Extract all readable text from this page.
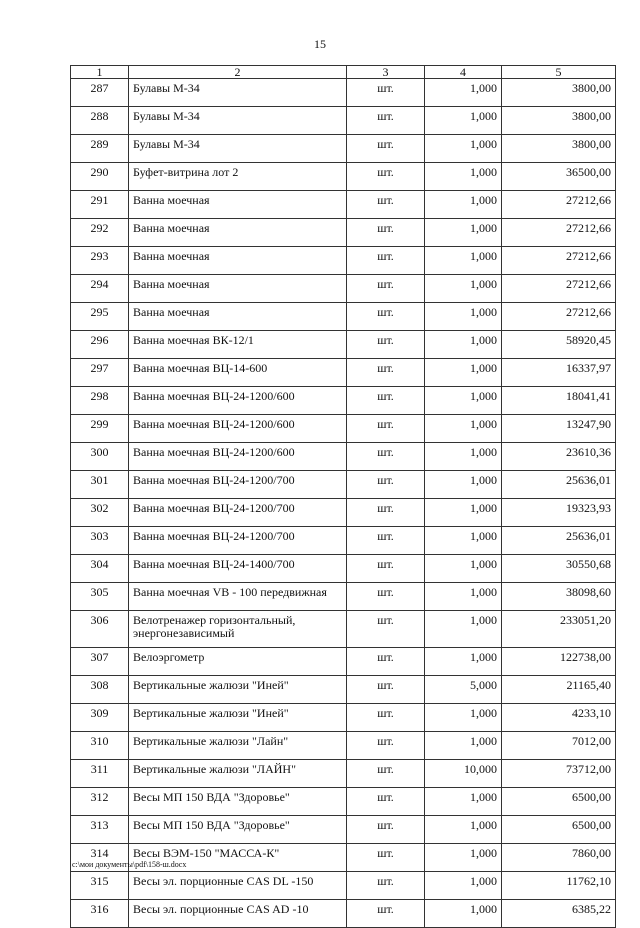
15
1	2	3	4	5
287	Булавы М-34	шт.	1,000	3800,00
288	Булавы М-34	шт.	1,000	3800,00
289	Булавы М-34	шт.	1,000	3800,00
290	Буфет-витрина лот 2	шт.	1,000	36500,00
291	Ванна моечная	шт.	1,000	27212,66
292	Ванна моечная	шт.	1,000	27212,66
293	Ванна моечная	шт.	1,000	27212,66
294	Ванна моечная	шт.	1,000	27212,66
295	Ванна моечная	шт.	1,000	27212,66
296	Ванна моечная ВК-12/1	шт.	1,000	58920,45
297	Ванна моечная ВЦ-14-600	шт.	1,000	16337,97
298	Ванна моечная ВЦ-24-1200/600	шт.	1,000	18041,41
299	Ванна моечная ВЦ-24-1200/600	шт.	1,000	13247,90
300	Ванна моечная ВЦ-24-1200/600	шт.	1,000	23610,36
301	Ванна моечная ВЦ-24-1200/700	шт.	1,000	25636,01
302	Ванна моечная ВЦ-24-1200/700	шт.	1,000	19323,93
303	Ванна моечная ВЦ-24-1200/700	шт.	1,000	25636,01
304	Ванна моечная ВЦ-24-1400/700	шт.	1,000	30550,68
305	Ванна моечная VB - 100 передвижная	шт.	1,000	38098,60
306	Велотренажер горизонтальный, энергонезависимый	шт.	1,000	233051,20
307	Велоэргометр	шт.	1,000	122738,00
308	Вертикальные жалюзи "Иней"	шт.	5,000	21165,40
309	Вертикальные жалюзи "Иней"	шт.	1,000	4233,10
310	Вертикальные жалюзи "Лайн"	шт.	1,000	7012,00
311	Вертикальные жалюзи "ЛАЙН"	шт.	10,000	73712,00
312	Весы МП 150 ВДА "Здоровье"	шт.	1,000	6500,00
313	Весы МП 150 ВДА "Здоровье"	шт.	1,000	6500,00
314	Весы ВЭМ-150 "МАССА-К"	шт.	1,000	7860,00
315	Весы эл. порционные CAS DL -150	шт.	1,000	11762,10
316	Весы эл. порционные CAS AD -10	шт.	1,000	6385,22
c:\мои документы\pdf\158-ш.docx
